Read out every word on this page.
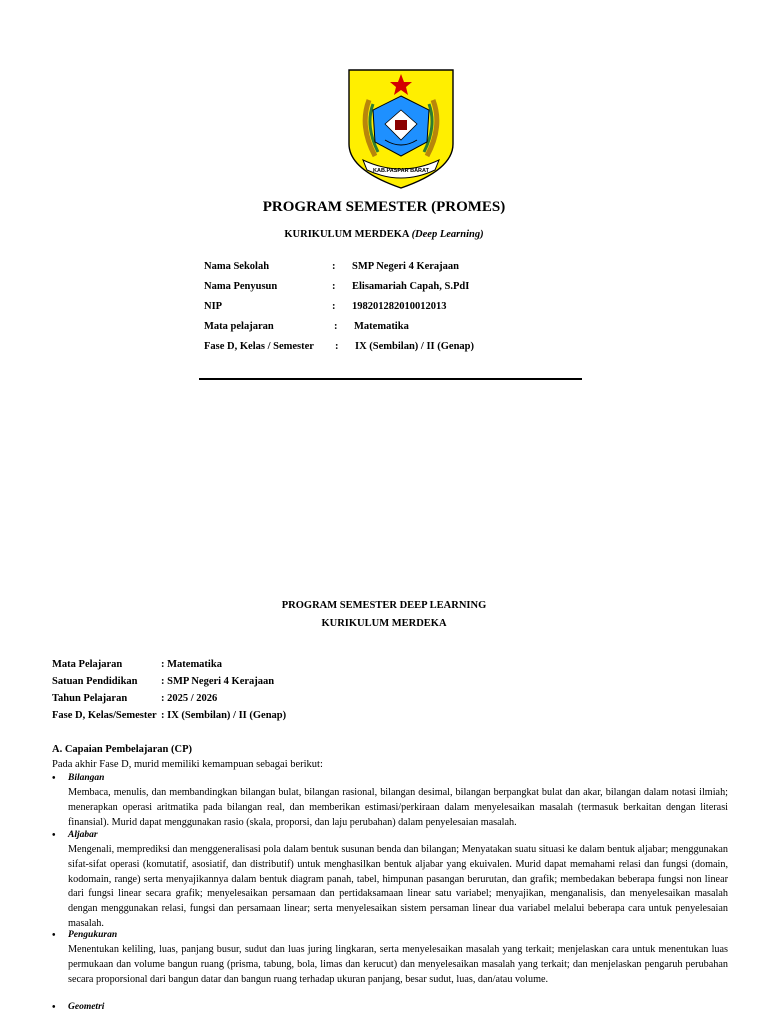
KAB.PASPAR BARAT
PROGRAM SEMESTER (PROMES)
KURIKULUM MERDEKA (Deep Learning)
Nama Sekolah	: SMP Negeri 4 Kerajaan
Nama Penyusun	: Elisamariah Capah, S.PdI
NIP	: 198201282010012013
Mata pelajaran	: Matematika
Fase D, Kelas / Semester : IX (Sembilan) / II (Genap)
PROGRAM SEMESTER DEEP LEARNING
KURIKULUM MERDEKA
Mata Pelajaran	: Matematika
Satuan Pendidikan : SMP Negeri 4 Kerajaan
Tahun Pelajaran	: 2025 / 2026
Fase D, Kelas/Semester : IX (Sembilan) / II (Genap)
A. Capaian Pembelajaran (CP)
Pada akhir Fase D, murid memiliki kemampuan sebagai berikut:
• Bilangan
Membaca, menulis, dan membandingkan bilangan bulat, bilangan rasional, bilangan desimal, bilangan berpangkat bulat dan akar, bilangan dalam notasi ilmiah; menerapkan operasi aritmatika pada bilangan real, dan memberikan estimasi/perkiraan dalam menyelesaikan masalah (termasuk berkaitan dengan literasi finansial). Murid dapat menggunakan rasio (skala, proporsi, dan laju perubahan) dalam penyelesaian masalah.
• Aljabar
Mengenali, memprediksi dan menggeneralisasi pola dalam bentuk susunan benda dan bilangan; Menyatakan suatu situasi ke dalam bentuk aljabar; menggunakan sifat-sifat operasi (komutatif, asosiatif, dan distributif) untuk menghasilkan bentuk aljabar yang ekuivalen. Murid dapat memahami relasi dan fungsi (domain, kodomain, range) serta menyajikannya dalam bentuk diagram panah, tabel, himpunan pasangan berurutan, dan grafik; membedakan beberapa fungsi non linear dari fungsi linear secara grafik; menyelesaikan persamaan dan pertidaksamaan linear satu variabel; menyajikan, menganalisis, dan menyelesaikan masalah dengan menggunakan relasi, fungsi dan persamaan linear; serta menyelesaikan sistem persaman linear dua variabel melalui beberapa cara untuk penyelesaian masalah.
• Pengukuran
Menentukan keliling, luas, panjang busur, sudut dan luas juring lingkaran, serta menyelesaikan masalah yang terkait; menjelaskan cara untuk menentukan luas permukaan dan volume bangun ruang (prisma, tabung, bola, limas dan kerucut) dan menyelesaikan masalah yang terkait; dan menjelaskan pengaruh perubahan secara proporsional dari bangun datar dan bangun ruang terhadap ukuran panjang, besar sudut, luas, dan/atau volume.
• Geometri
